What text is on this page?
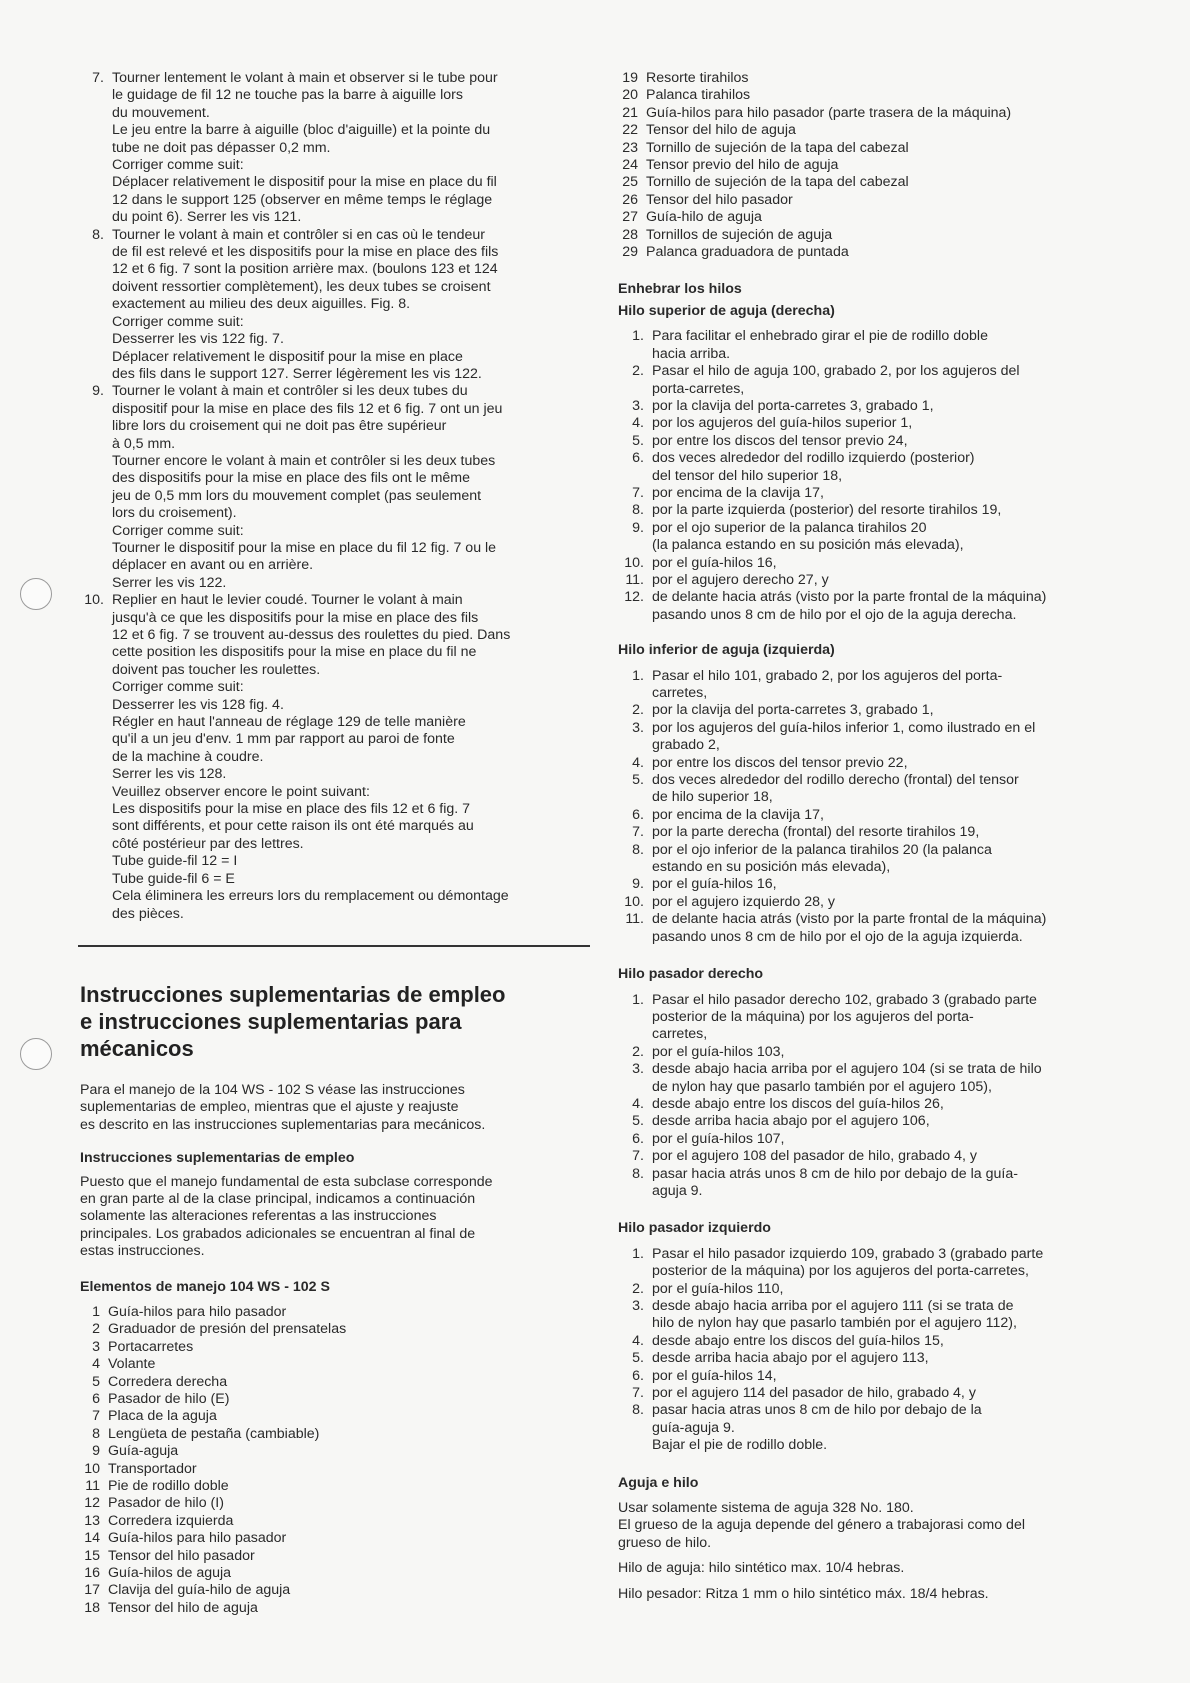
7. Tourner lentement le volant à main et observer si le tube pour
le guidage de fil 12 ne touche pas la barre à aiguille lors
du mouvement.
Le jeu entre la barre à aiguille (bloc d'aiguille) et la pointe du
tube ne doit pas dépasser 0,2 mm.
Corriger comme suit:
Déplacer relativement le dispositif pour la mise en place du fil
12 dans le support 125 (observer en même temps le réglage
du point 6). Serrer les vis 121.
8. Tourner le volant à main et contrôler si en cas où le tendeur
de fil est relevé et les dispositifs pour la mise en place des fils
12 et 6 fig. 7 sont la position arrière max. (boulons 123 et 124
doivent ressortier complètement), les deux tubes se croisent
exactement au milieu des deux aiguilles. Fig. 8.
Corriger comme suit:
Desserrer les vis 122 fig. 7.
Déplacer relativement le dispositif pour la mise en place
des fils dans le support 127. Serrer légèrement les vis 122.
9. Tourner le volant à main et contrôler si les deux tubes du
dispositif pour la mise en place des fils 12 et 6 fig. 7 ont un jeu
libre lors du croisement qui ne doit pas être supérieur
à 0,5 mm.
Tourner encore le volant à main et contrôler si les deux tubes
des dispositifs pour la mise en place des fils ont le même
jeu de 0,5 mm lors du mouvement complet (pas seulement
lors du croisement).
Corriger comme suit:
Tourner le dispositif pour la mise en place du fil 12 fig. 7 ou le
déplacer en avant ou en arrière.
Serrer les vis 122.
10. Replier en haut le levier coudé. Tourner le volant à main
jusqu'à ce que les dispositifs pour la mise en place des fils
12 et 6 fig. 7 se trouvent au-dessus des roulettes du pied. Dans
cette position les dispositifs pour la mise en place du fil ne
doivent pas toucher les roulettes.
Corriger comme suit:
Desserrer les vis 128 fig. 4.
Régler en haut l'anneau de réglage 129 de telle manière
qu'il a un jeu d'env. 1 mm par rapport au paroi de fonte
de la machine à coudre.
Serrer les vis 128.
Veuillez observer encore le point suivant:
Les dispositifs pour la mise en place des fils 12 et 6 fig. 7
sont différents, et pour cette raison ils ont été marqués au
côté postérieur par des lettres.
Tube guide-fil 12 = I
Tube guide-fil 6 = E
Cela éliminera les erreurs lors du remplacement ou démontage
des pièces.
Instrucciones suplementarias de empleo
e instrucciones suplementarias para
mécanicos

Para el manejo de la 104 WS - 102 S véase las instrucciones
suplementarias de empleo, mientras que el ajuste y reajuste
es descrito en las instrucciones suplementarias para mecánicos.

Instrucciones suplementarias de empleo

Puesto que el manejo fundamental de esta subclase corresponde
en gran parte al de la clase principal, indicamos a continuación
solamente las alteraciones referentas a las instrucciones
principales. Los grabados adicionales se encuentran al final de
estas instrucciones.

Elementos de manejo 104 WS - 102 S
1 Guía-hilos para hilo pasador
2 Graduador de presión del prensatelas
3 Portacarretes
4 Volante
5 Corredera derecha
6 Pasador de hilo (E)
7 Placa de la aguja
8 Lengüeta de pestaña (cambiable)
9 Guía-aguja
10 Transportador
11 Pie de rodillo doble
12 Pasador de hilo (I)
13 Corredera izquierda
14 Guía-hilos para hilo pasador
15 Tensor del hilo pasador
16 Guía-hilos de aguja
17 Clavija del guía-hilo de aguja
18 Tensor del hilo de aguja
19 Resorte tirahilos
20 Palanca tirahilos
21 Guía-hilos para hilo pasador (parte trasera de la máquina)
22 Tensor del hilo de aguja
23 Tornillo de sujeción de la tapa del cabezal
24 Tensor previo del hilo de aguja
25 Tornillo de sujeción de la tapa del cabezal
26 Tensor del hilo pasador
27 Guía-hilo de aguja
28 Tornillos de sujeción de aguja
29 Palanca graduadora de puntada
Enhebrar los hilos
Hilo superior de aguja (derecha)
1. Para facilitar el enhebrado girar el pie de rodillo doble
hacia arriba.
2. Pasar el hilo de aguja 100, grabado 2, por los agujeros del
porta-carretes,
3. por la clavija del porta-carretes 3, grabado 1,
4. por los agujeros del guía-hilos superior 1,
5. por entre los discos del tensor previo 24,
6. dos veces alrededor del rodillo izquierdo (posterior)
del tensor del hilo superior 18,
7. por encima de la clavija 17,
8. por la parte izquierda (posterior) del resorte tirahilos 19,
9. por el ojo superior de la palanca tirahilos 20
(la palanca estando en su posición más elevada),
10. por el guía-hilos 16,
11. por el agujero derecho 27, y
12. de delante hacia atrás (visto por la parte frontal de la máquina)
pasando unos 8 cm de hilo por el ojo de la aguja derecha.
Hilo inferior de aguja (izquierda)
1. Pasar el hilo 101, grabado 2, por los agujeros del porta-
carretes,
2. por la clavija del porta-carretes 3, grabado 1,
3. por los agujeros del guía-hilos inferior 1, como ilustrado en el
grabado 2,
4. por entre los discos del tensor previo 22,
5. dos veces alrededor del rodillo derecho (frontal) del tensor
de hilo superior 18,
6. por encima de la clavija 17,
7. por la parte derecha (frontal) del resorte tirahilos 19,
8. por el ojo inferior de la palanca tirahilos 20 (la palanca
estando en su posición más elevada),
9. por el guía-hilos 16,
10. por el agujero izquierdo 28, y
11. de delante hacia atrás (visto por la parte frontal de la máquina)
pasando unos 8 cm de hilo por el ojo de la aguja izquierda.
Hilo pasador derecho
1. Pasar el hilo pasador derecho 102, grabado 3 (grabado parte
posterior de la máquina) por los agujeros del porta-
carretes,
2. por el guía-hilos 103,
3. desde abajo hacia arriba por el agujero 104 (si se trata de hilo
de nylon hay que pasarlo también por el agujero 105),
4. desde abajo entre los discos del guía-hilos 26,
5. desde arriba hacia abajo por el agujero 106,
6. por el guía-hilos 107,
7. por el agujero 108 del pasador de hilo, grabado 4, y
8. pasar hacia atrás unos 8 cm de hilo por debajo de la guía-
aguja 9.
Hilo pasador izquierdo
1. Pasar el hilo pasador izquierdo 109, grabado 3 (grabado parte
posterior de la máquina) por los agujeros del porta-carretes,
2. por el guía-hilos 110,
3. desde abajo hacia arriba por el agujero 111 (si se trata de
hilo de nylon hay que pasarlo también por el agujero 112),
4. desde abajo entre los discos del guía-hilos 15,
5. desde arriba hacia abajo por el agujero 113,
6. por el guía-hilos 14,
7. por el agujero 114 del pasador de hilo, grabado 4, y
8. pasar hacia atras unos 8 cm de hilo por debajo de la
guía-aguja 9.
Bajar el pie de rodillo doble.
Aguja e hilo

Usar solamente sistema de aguja 328 No. 180.
El grueso de la aguja depende del género a trabajorasi como del
grueso de hilo.

Hilo de aguja: hilo sintético max. 10/4 hebras.

Hilo pesador: Ritza 1 mm o hilo sintético máx. 18/4 hebras.
